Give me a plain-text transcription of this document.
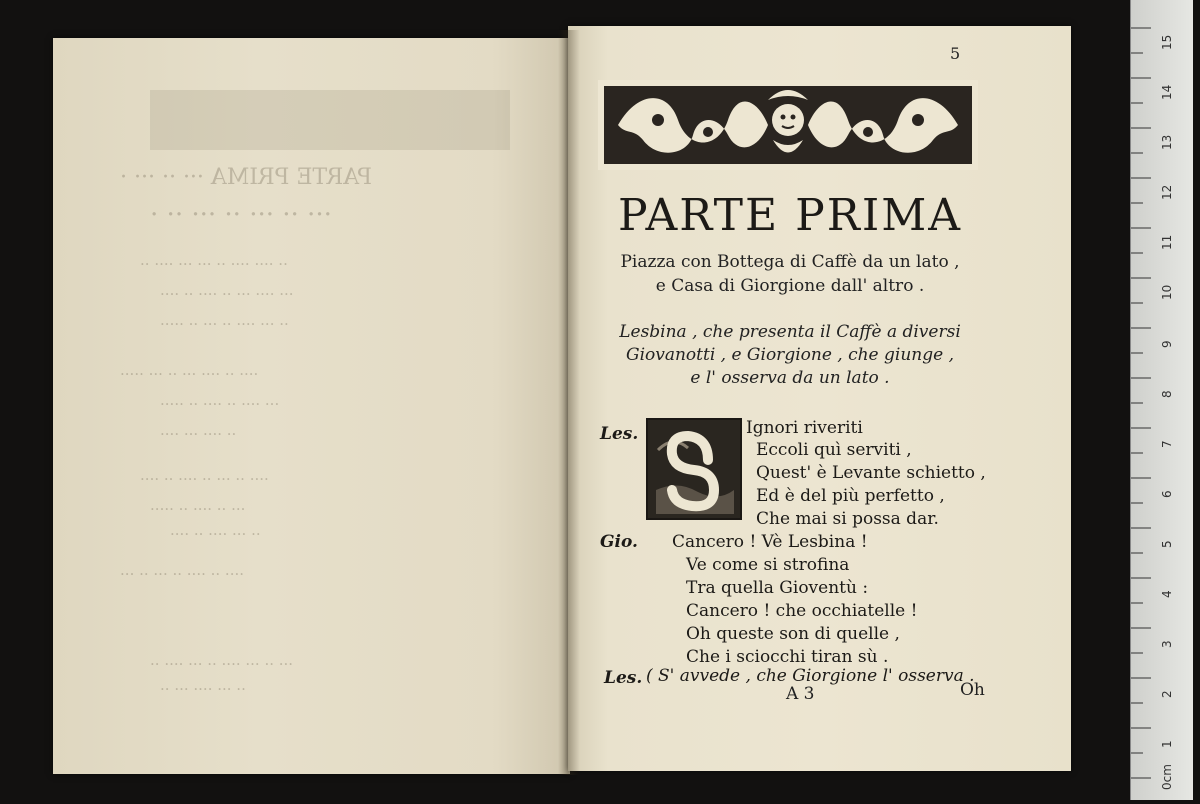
PARTE PRIMA ··· ·· ··· ·
··· ·· ··· ·· ··· ·· ·
·· ···· ···· ·· ··· ··· ···· ··
··· ···· ··· ·· ···· ·· ····
·· ··· ···· ·· ··· ·· ·····
···· ·· ···· ··· ·· ··· ·····
··· ···· ·· ···· ·· ·····
·· ···· ··· ····
···· ·· ··· ·· ···· ·· ····
··· ·· ···· ·· ·····
·· ··· ···· ·· ····
···· ·· ···· ·· ··· ·· ···
··· ·· ··· ···· ·· ··· ···· ··
·· ··· ···· ··· ··
5
PARTE PRIMA
Piazza con Bottega di Caffè da un lato ,
e Casa di Giorgione dall' altro .
Lesbina , che presenta il Caffè a diversi
Giovanotti , e Giorgione , che giunge ,
e l' osserva da un lato .
Les.	Ignori riveriti
Eccoli quì serviti ,
Quest' è Levante schietto ,
Ed è del più perfetto ,
Che mai si possa dar.
Gio. Cancero ! Vè Lesbina !
Ve come si strofina
Tra quella Gioventù :
Cancero ! che occhiatelle !
Oh queste son di quelle ,
Che i sciocchi tiran sù .
Les. ( S' avvede , che Giorgione l' osserva .
A 3	Oh
15
14
13
12
11
10
9
8
7
6
5
4
3
2
1
0cm
